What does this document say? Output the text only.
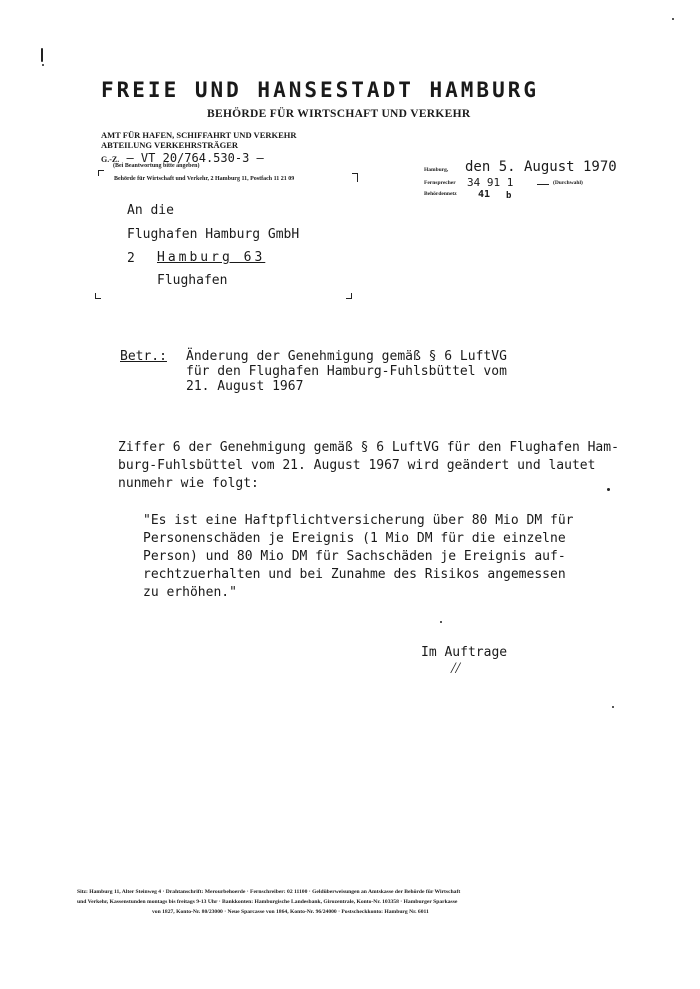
FREIE UND HANSESTADT HAMBURG
BEHÖRDE FÜR WIRTSCHAFT UND VERKEHR
AMT FÜR HAFEN, SCHIFFAHRT UND VERKEHR
ABTEILUNG VERKEHRSTRÄGER
G.-Z. – VT 20/764.530-3 –
(Bei Beantwortung bitte angeben)
Behörde für Wirtschaft und Verkehr, 2 Hamburg 11, Postfach 11 21 09
Hamburg, den 5. August 1970
Fernsprecher 34 91 1	(Durchwahl)
Behördennetz 41 b
An die
Flughafen Hamburg GmbH
2 Hamburg 63
Flughafen
Betr.: Änderung der Genehmigung gemäß § 6 LuftVG
für den Flughafen Hamburg-Fuhlsbüttel vom
21. August 1967
Ziffer 6 der Genehmigung gemäß § 6 LuftVG für den Flughafen Ham-
burg-Fuhlsbüttel vom 21. August 1967 wird geändert und lautet
nunmehr wie folgt:
"Es ist eine Haftpflichtversicherung über 80 Mio DM für
Personenschäden je Ereignis (1 Mio DM für die einzelne
Person) und 80 Mio DM für Sachschäden je Ereignis auf-
rechtzuerhalten und bei Zunahme des Risikos angemessen
zu erhöhen."
Im Auftrage
//
Sitz: Hamburg 11, Alter Steinweg 4 · Drahtanschrift: Merourbehoerde · Fernschreiber: 02 11100 · Geldüberweisungen an Amtskasse der Behörde für Wirtschaft
und Verkehr, Kassenstunden montags bis freitags 9-13 Uhr · Bankkonten: Hamburgische Landesbank, Girozentrale, Konto-Nr. 103358 · Hamburger Sparkasse
von 1827, Konto-Nr. 80/23000 · Neue Sparcasse von 1864, Konto-Nr. 96/24000 · Postscheckkonto: Hamburg Nr. 6011
